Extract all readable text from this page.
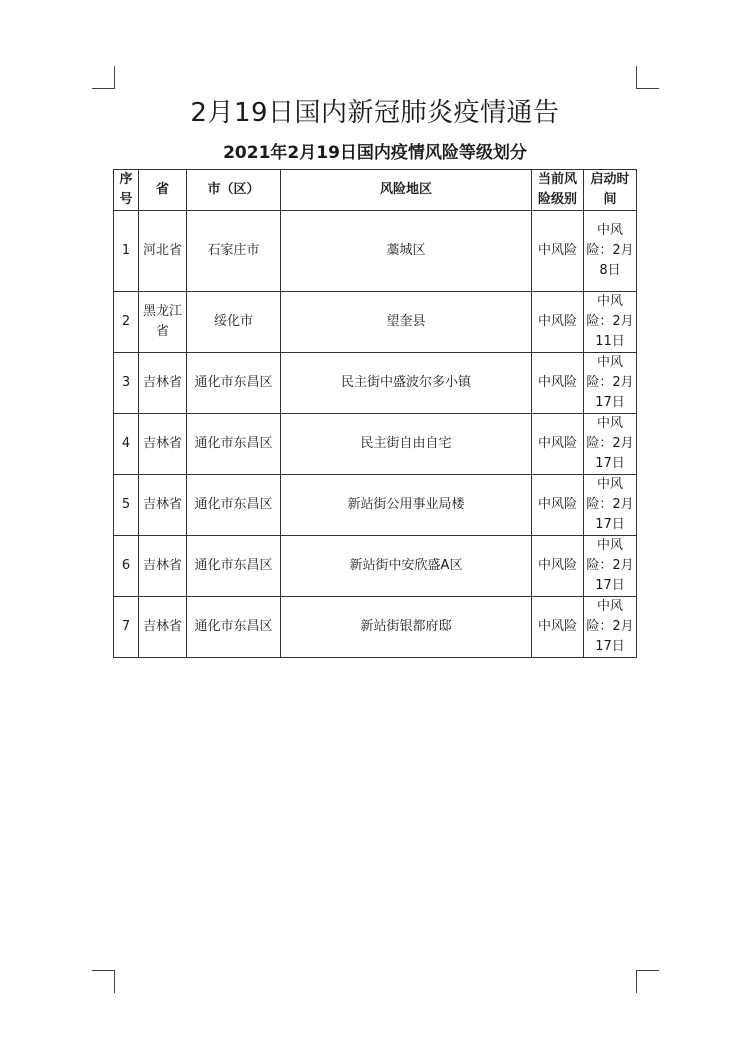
2月19日国内新冠肺炎疫情通告
2021年2月19日国内疫情风险等级划分
序号	省	市（区）	风险地区	当前风险级别	启动时间
1	河北省	石家庄市	藁城区	中风险	中风险：2月8日
2	黑龙江省	绥化市	望奎县	中风险	中风险：2月11日
3	吉林省	通化市东昌区	民主街中盛波尔多小镇	中风险	中风险：2月17日
4	吉林省	通化市东昌区	民主街自由自宅	中风险	中风险：2月17日
5	吉林省	通化市东昌区	新站街公用事业局楼	中风险	中风险：2月17日
6	吉林省	通化市东昌区	新站街中安欣盛A区	中风险	中风险：2月17日
7	吉林省	通化市东昌区	新站街银都府邸	中风险	中风险：2月17日
